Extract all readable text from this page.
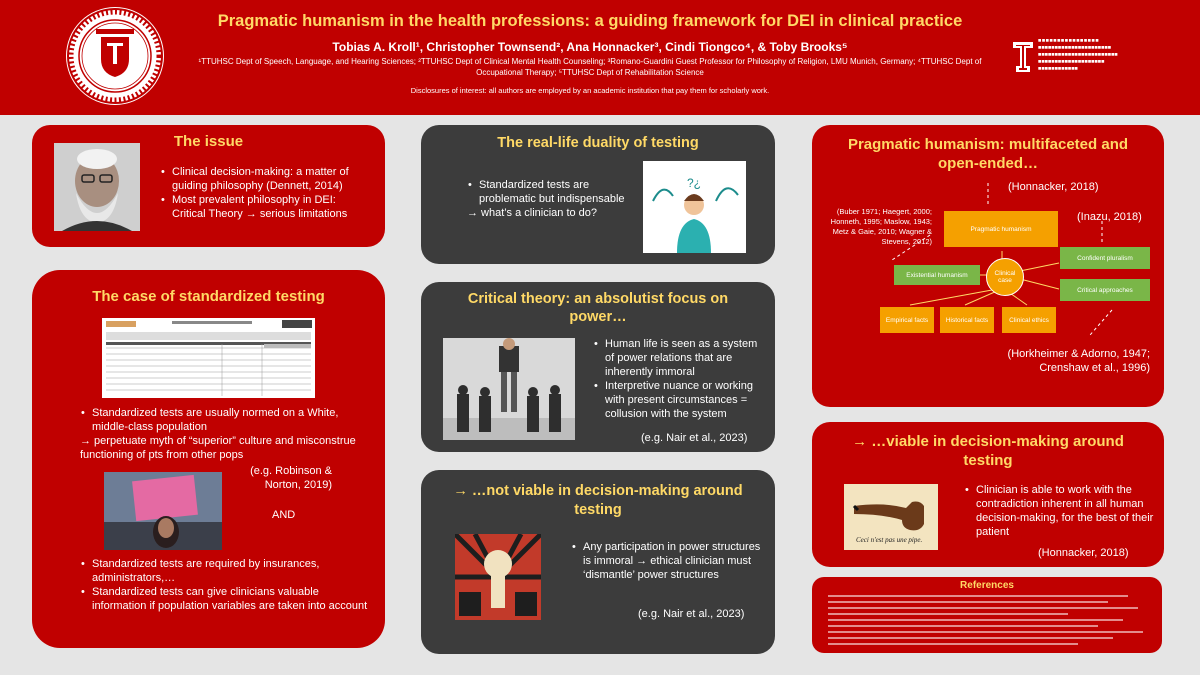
Pragmatic humanism in the health professions: a guiding framework for DEI in clinical practice
Tobias A. Kroll¹, Christopher Townsend², Ana Honnacker³, Cindi Tiongco⁴, & Toby Brooks⁵
¹TTUHSC Dept of Speech, Language, and Hearing Sciences; ²TTUHSC Dept of Clinical Mental Health Counseling; ³Romano-Guardini Guest Professor for Philosophy of Religion, LMU Munich, Germany; ⁴TTUHSC Dept of Occupational Therapy; ⁵TTUHSC Dept of Rehabilitation Science
Disclosures of interest: all authors are employed by an academic institution that pay them for scholarly work.
■■■■■■■■■■■■■■■■
■■■■■■■■■■■■■■■■■■■■■■
■■■■■■■■■■■■■■■■■■■■■■■■
■■■■■■■■■■■■■■■■■■■■
■■■■■■■■■■■■
The issue
• Clinical decision-making: a matter of guiding philosophy (Dennett, 2014)
• Most prevalent philosophy in DEI: Critical Theory → serious limitations
The case of standardized testing
• Standardized tests are usually normed on a White, middle-class population
→ perpetuate myth of “superior” culture and misconstrue functioning of pts from other pops
(e.g. Robinson & Norton, 2019)
AND
• Standardized tests are required by insurances, administrators,…
• Standardized tests can give clinicians valuable information if population variables are taken into account
The real-life duality of testing
• Standardized tests are problematic but indispensable
→ what’s a clinician to do?
?¿
Critical theory: an absolutist focus on power…
• Human life is seen as a system of power relations that are inherently immoral
• Interpretive nuance or working with present circumstances = collusion with the system
(e.g. Nair et al., 2023)
→ …not viable in decision-making around testing
• Any participation in power structures is immoral → ethical clinician must ‘dismantle’ power structures
(e.g. Nair et al., 2023)
Pragmatic humanism: multifaceted and open-ended…
(Honnacker, 2018)
(Buber 1971; Haegert, 2000; Honneth, 1995; Maslow, 1943; Metz & Gaie, 2010; Wagner & Stevens, 2012)
(Inazu, 2018)
Pragmatic humanism
Clinical case
Existential humanism
Confident pluralism
Critical approaches
Empirical facts	Historical facts	Clinical ethics
(Horkheimer & Adorno, 1947; Crenshaw et al., 1996)
→ …viable in decision-making around testing
Ceci n'est pas une pipe.
• Clinician is able to work with the contradiction inherent in all human decision-making, for the best of their patient
(Honnacker, 2018)
References
